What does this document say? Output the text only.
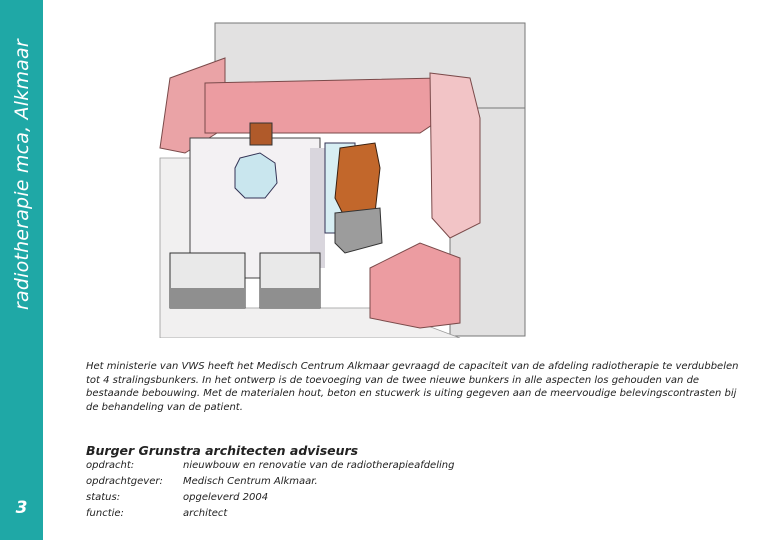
radiotherapie mca, Alkmaar
3

Het ministerie van VWS heeft het Medisch Centrum Alkmaar gevraagd de capaciteit van de afdeling radiotherapie te verdubbelen tot 4 stralingsbunkers. In het ontwerp is de toevoeging van de twee nieuwe bunkers in alle aspecten los gehouden van de bestaande bebouwing. Met de materialen hout, beton en stucwerk is uiting gegeven aan de meervoudige belevingscontrasten bij de behandeling van de patient.

Burger Grunstra architecten adviseurs
opdracht:	nieuwbouw en renovatie van de radiotherapieafdeling
opdrachtgever:	Medisch Centrum Alkmaar.
status:	opgeleverd 2004
functie:	architect
